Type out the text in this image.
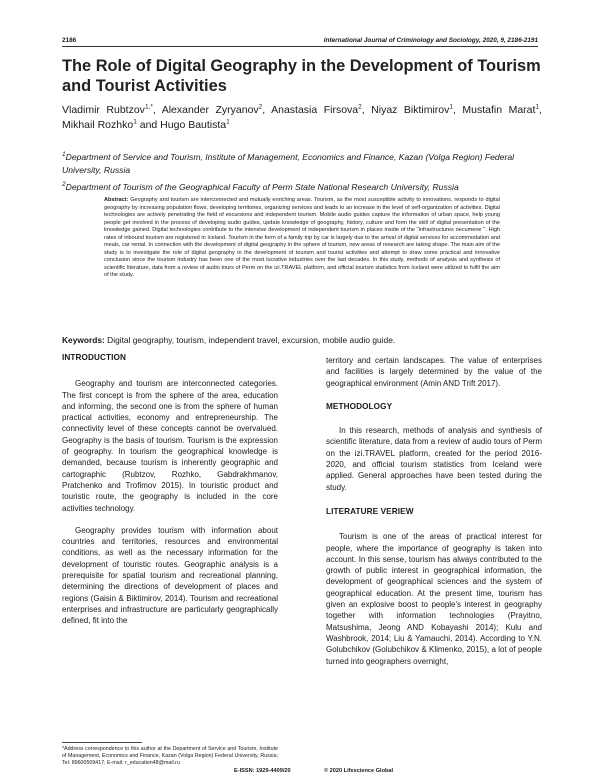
2186	International Journal of Criminology and Sociology, 2020, 9, 2186-2191
The Role of Digital Geography in the Development of Tourism and Tourist Activities
Vladimir Rubtzov$^{1,*}$, Alexander Zyryanov$^2$, Anastasia Firsova$^2$, Niyaz Biktimirov$^1$, Mustafin Marat$^1$, Mikhail Rozhko$^1$ and Hugo Bautista$^1$
$^1$Department of Service and Tourism, Institute of Management, Economics and Finance, Kazan (Volga Region) Federal University, Russia
$^2$Department of Tourism of the Geographical Faculty of Perm State National Research University, Russia
Abstract: Geography and tourism are interconnected and mutually enriching areas. Tourism, as the most susceptible activity to innovations, responds to digital geography by increasing population flows, developing territories, organizing services and leads to an increase in the level of self-organization of activities. Digital technologies are actively penetrating the field of excursions and independent tourism. Mobile audio guides capture the information of urban space, help young people get involved in the process of developing audio guides, update knowledge of geography, history, culture and form the skill of digital presentation of the knowledge gained. Digital technologies contribute to the intensive development of independent tourism in places inside of the "infrastructures oecumene ". High rates of inbound tourism are registered in Iceland. Tourism in the form of a family trip by car is largely due to the arrival of digital services for accommodation and meals, car rental. In connection with the development of digital geography in the sphere of tourism, new areas of research are taking shape. The main aim of the study is to investigate the role of digital geography in the development of tourism and tourist activities and attempt to draw some practical and innovative conclusion since the tourism industry has been one of the most lucrative industries over the last decades. In this study, methods of analysis and synthesis of scientific literature, data from a review of audio tours of Perm on the izi.TRAVEL platform, and official tourism statistics from Iceland were utilized to fulfil the aim of the study.
Keywords: Digital geography, tourism, independent travel, excursion, mobile audio guide.
INTRODUCTION

Geography and tourism are interconnected categories. The first concept is from the sphere of the area, education and informing, the second one is from the sphere of human practical activities, economy and entrepreneurship. The connectivity level of these concepts cannot be overvalued. Geography is the basis of tourism. Tourism is the expression of geography. In tourism the geographical knowledge is demanded, because tourism is inherently geographic and cartographic (Rubtzov, Rozhko, Gabdrakhmanov, Pratchenko and Trofimov 2015). In touristic product and touristic route, the geography is included in the core activities technology.

Geography provides tourism with information about countries and territories, resources and environmental conditions, as well as the necessary information for the development of touristic routes. Geographic analysis is a prerequisite for spatial tourism and recreational planning, determining the directions of development of places and regions (Gaisin & Biktimirov, 2014). Tourism and recreational enterprises and infrastructure are particularly geographically defined, fit into the

territory and certain landscapes. The value of enterprises and facilities is largely determined by the value of the geographical environment (Amin AND Trift 2017).

METHODOLOGY

In this research, methods of analysis and synthesis of scientific literature, data from a review of audio tours of Perm on the izi.TRAVEL platform, created for the period 2016-2020, and official tourism statistics from Iceland were applied. General approaches have been tested during the study.

LITERATURE VERIEW

Tourism is one of the areas of practical interest for people, where the importance of geography is taken into account. In this sense, tourism has always contributed to the growth of public interest in geographical information, the development of geographical sciences and the system of geographical education. At the present time, tourism has given an explosive boost to people's interest in geography together with information technologies (Prayitno, Matsushima, Jeong AND Kobayashi 2014); Kulu and Washbrook, 2014; Liu & Yamauchi, 2014). According to Y.N. Golubchikov (Golubchikov & Klimenko, 2015), a lot of people turned into geographers overnight,

*Address correspondence to this author at the Department of Service and Tourism, Institute of Management, Economics and Finance, Kazan (Volga Region) Federal University, Russia; Tel: 89600509417; E-mail: r_education48@mail.ru
E-ISSN: 1929-4409/20	© 2020 Lifescience Global
